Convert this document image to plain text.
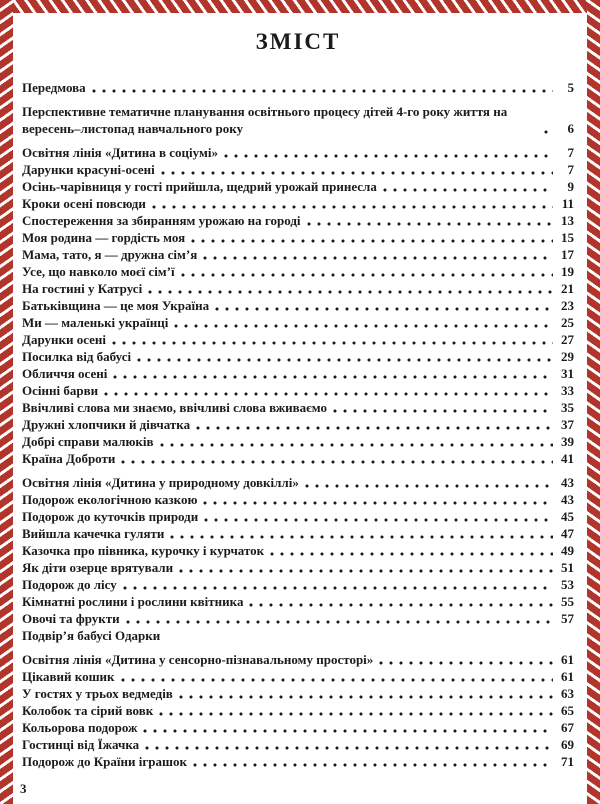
ЗМІСТ
Передмова	5
Перспективне тематичне планування освітнього процесу дітей 4-го року життя на вересень–листопад навчального року	6
Освітня лінія «Дитина в соціумі»	7
Дарунки красуні-осені	7
Осінь-чарівниця у гості прийшла, щедрий урожай принесла	9
Кроки осені повсюди	11
Спостереження за збиранням урожаю на городі	13
Моя родина — гордість моя	15
Мама, тато, я — дружна сім’я	17
Усе, що навколо моєї сім’ї	19
На гостині у Катрусі	21
Батьківщина — це моя Україна	23
Ми — маленькі українці	25
Дарунки осені	27
Посилка від бабусі	29
Обличчя осені	31
Осінні барви	33
Ввічливі слова ми знаємо, ввічливі слова вживаємо	35
Дружні хлопчики й дівчатка	37
Добрі справи малюків	39
Країна Доброти	41
Освітня лінія «Дитина у природному довкіллі»	43
Подорож екологічною казкою	43
Подорож до куточків природи	45
Вийшла качечка гуляти	47
Казочка про півника, курочку і курчаток	49
Як діти озерце врятували	51
Подорож до лісу	53
Кімнатні рослини і рослини квітника	55
Овочі та фрукти	57
Подвір’я бабусі Одарки
Освітня лінія «Дитина у сенсорно-пізнавальному просторі»	61
Цікавий кошик	61
У гостях у трьох ведмедів	63
Колобок та сірий вовк	65
Кольорова подорож	67
Гостинці від Їжачка	69
Подорож до Країни іграшок	71
3
